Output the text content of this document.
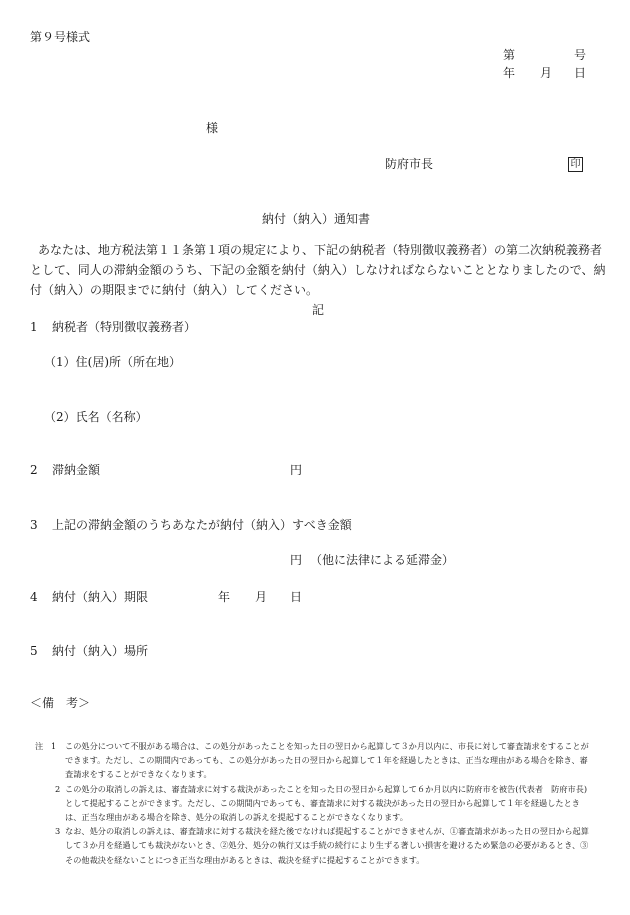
第９号様式
第	号
年 月 日
様
防府市長	印
納付（納入）通知書
あなたは、地方税法第１１条第１項の規定により、下記の納税者（特別徴収義務者）の第二次納税義務者として、同人の滞納金額のうち、下記の金額を納付（納入）しなければならないこととなりましたので、納付（納入）の期限までに納付（納入）してください。
記
1 納税者（特別徴収義務者）
（1）住(居)所（所在地）
（2）氏名（名称）
2 滞納金額	円
3 上記の滞納金額のうちあなたが納付（納入）すべき金額
円 （他に法律による延滞金）
4 納付（納入）期限	年 月 日
5 納付（納入）場所
＜備　考＞
注 1 この処分について不服がある場合は、この処分があったことを知った日の翌日から起算して３か月以内に、市長に対して審査請求をすることができます。ただし、この期間内であっても、この処分があった日の翌日から起算して１年を経過したときは、正当な理由がある場合を除き、審査請求をすることができなくなります。
2 この処分の取消しの訴えは、審査請求に対する裁決があったことを知った日の翌日から起算して６か月以内に防府市を被告(代表者　防府市長)として提起することができます。ただし、この期間内であっても、審査請求に対する裁決があった日の翌日から起算して１年を経過したときは、正当な理由がある場合を除き、処分の取消しの訴えを提起することができなくなります。
3 なお、処分の取消しの訴えは、審査請求に対する裁決を経た後でなければ提起することができませんが、①審査請求があった日の翌日から起算して３か月を経過しても裁決がないとき、②処分、処分の執行又は手続の続行により生ずる著しい損害を避けるため緊急の必要があるとき、③その他裁決を経ないことにつき正当な理由があるときは、裁決を経ずに提起することができます。
